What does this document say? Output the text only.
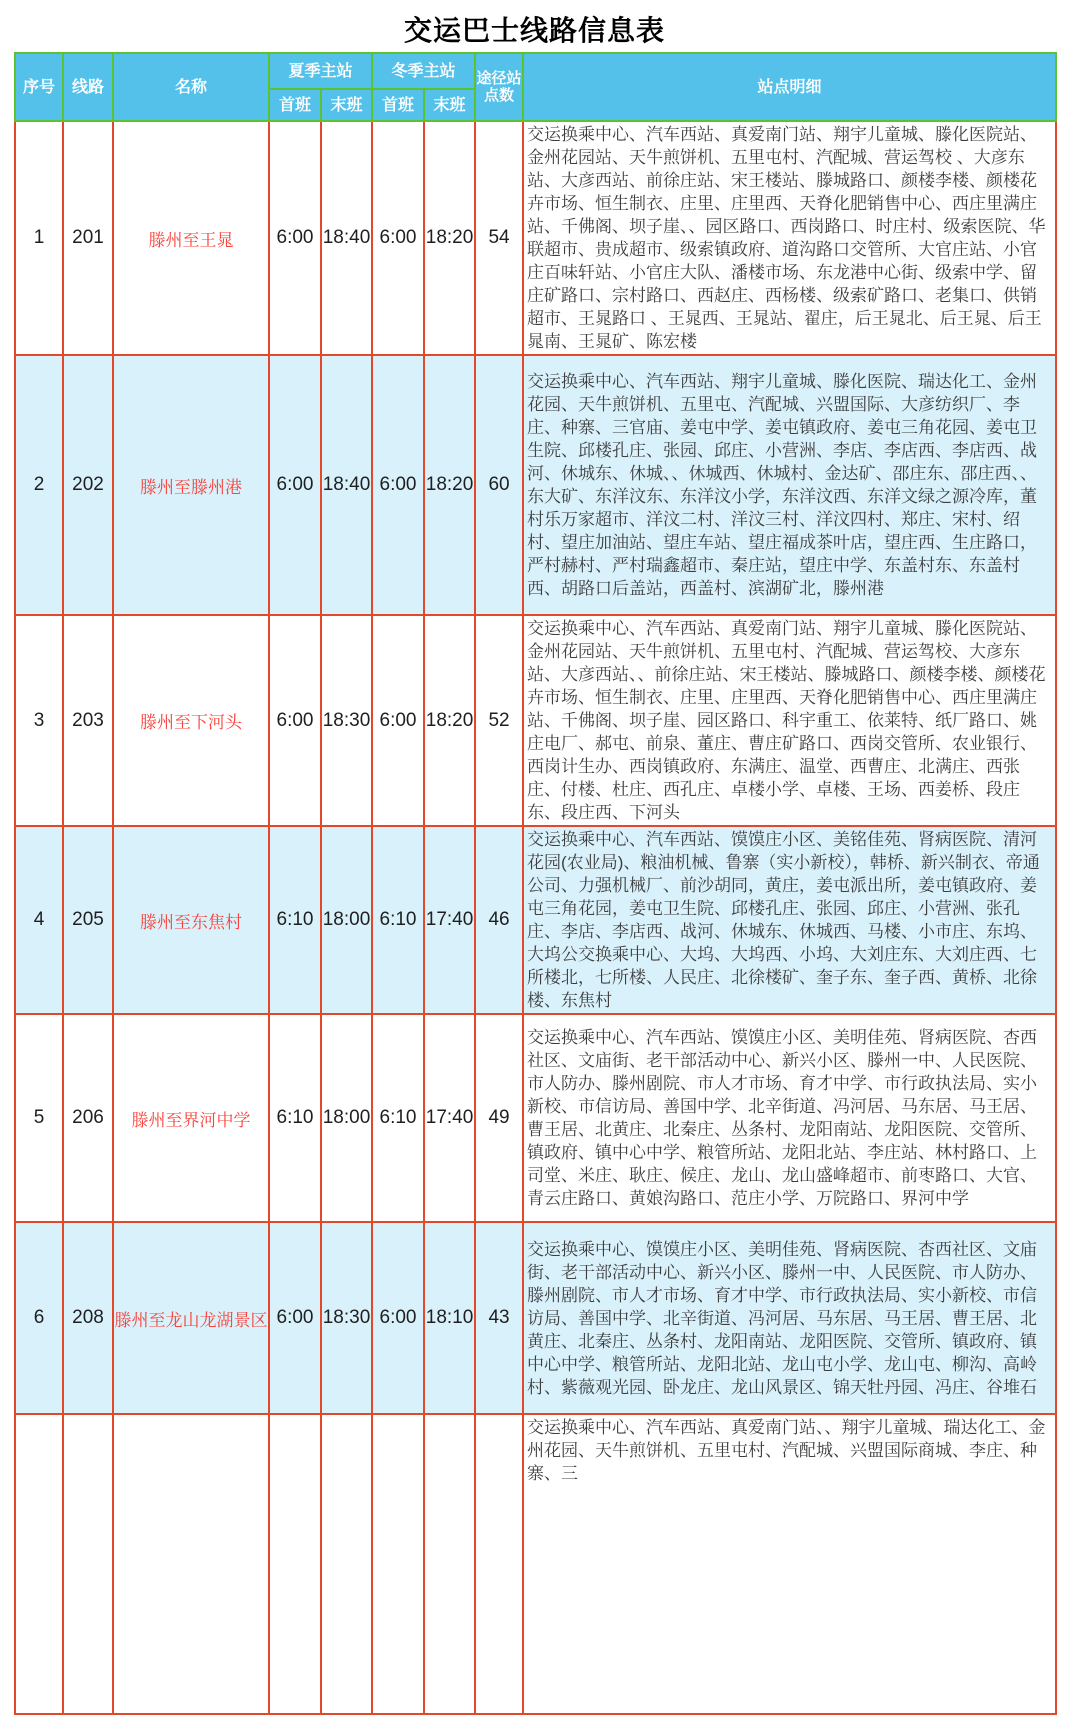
交运巴士线路信息表
序号	线路	名称	夏季主站		冬季主站		途径站点数	站点明细
			首班	末班	首班	末班		
1	201	滕州至王晁	6:00	18:40	6:00	18:20	54	交运换乘中心、汽车西站、真爱南门站、翔宇儿童城、滕化医院站、金州花园站、天牛煎饼机、五里屯村、汽配城、营运驾校 、大彦东站、大彦西站、前徐庄站、宋王楼站、滕城路口、颜楼李楼、颜楼花卉市场、恒生制衣、庄里、庄里西、天脊化肥销售中心、西庄里满庄站、千佛阁、坝子崖、、园区路口、西岗路口、时庄村、级索医院、华联超市、贵成超市、级索镇政府、道沟路口交管所、大官庄站、小官庄百味轩站、小官庄大队、潘楼市场、东龙港中心街、级索中学、留庄矿路口、宗村路口、西赵庄、西杨楼、级索矿路口、老集口、供销超市、王晁路口 、王晁西、王晁站、翟庄，后王晁北、后王晁、后王晁南、王晁矿、陈宏楼
2	202	滕州至滕州港	6:00	18:40	6:00	18:20	60	交运换乘中心、汽车西站、翔宇儿童城、滕化医院、瑞达化工、金州花园、天牛煎饼机、五里屯、汽配城、兴盟国际、大彦纺织厂、李庄、种寨、三官庙、姜屯中学、姜屯镇政府、姜屯三角花园、姜屯卫生院、邱楼孔庄、张园、邱庄、小营洲、李店、李店西、李店西、战河、休城东、休城、、休城西、休城村、金达矿、邵庄东、邵庄西、、东大矿、东洋汶东、东洋汶小学，东洋汶西、东洋文绿之源冷库，董村乐万家超市、洋汶二村、洋汶三村、洋汶四村、郑庄、宋村、绍村、望庄加油站、望庄车站、望庄福成茶叶店，望庄西、生庄路口，严村赫村、严村瑞鑫超市、秦庄站，望庄中学、东盖村东、东盖村西、胡路口后盖站，西盖村、滨湖矿北，滕州港
3	203	滕州至下河头	6:00	18:30	6:00	18:20	52	交运换乘中心、汽车西站、真爱南门站、翔宇儿童城、滕化医院站、金州花园站、天牛煎饼机、五里屯村、汽配城、营运驾校、大彦东站、大彦西站、、前徐庄站、宋王楼站、滕城路口、颜楼李楼、颜楼花卉市场、恒生制衣、庄里、庄里西、天脊化肥销售中心、西庄里满庄站、千佛阁、坝子崖、园区路口、科宇重工、依莱特、纸厂路口、姚庄电厂、郝屯、前泉、董庄、曹庄矿路口、西岗交管所、农业银行、西岗计生办、西岗镇政府、东满庄、温堂、西曹庄、北满庄、西张庄、付楼、杜庄、西孔庄、卓楼小学、卓楼、王场、西姜桥、段庄东、段庄西、下河头
4	205	滕州至东焦村	6:10	18:00	6:10	17:40	46	交运换乘中心、汽车西站、馍馍庄小区、美铭佳苑、肾病医院、清河花园(农业局)、粮油机械、鲁寨（实小新校），韩桥、新兴制衣、帝通公司、力强机械厂、前沙胡同，黄庄，姜屯派出所，姜屯镇政府、姜屯三角花园，姜屯卫生院、邱楼孔庄、张园、邱庄、小营洲、张孔庄、李店、李店西、战河、休城东、休城西、马楼、小市庄、东坞、大坞公交换乘中心、大坞、大坞西、小坞、大刘庄东、大刘庄西、七所楼北，七所楼、人民庄、北徐楼矿、奎子东、奎子西、黄桥、北徐楼、东焦村
5	206	滕州至界河中学	6:10	18:00	6:10	17:40	49	交运换乘中心、汽车西站、馍馍庄小区、美明佳苑、肾病医院、杏西社区、文庙街、老干部活动中心、新兴小区、滕州一中、人民医院、市人防办、滕州剧院、市人才市场、育才中学、市行政执法局、实小新校、市信访局、善国中学、北辛街道、冯河居、马东居、马王居、曹王居、北黄庄、北秦庄、丛条村、龙阳南站、龙阳医院、交管所、镇政府、镇中心中学、粮管所站、龙阳北站、李庄站、林村路口、上司堂、米庄、耿庄、候庄、龙山、龙山盛峰超市、前枣路口、大官、青云庄路口、黄娘沟路口、范庄小学、万院路口、界河中学
6	208	滕州至龙山龙湖景区	6:00	18:30	6:00	18:10	43	交运换乘中心、馍馍庄小区、美明佳苑、肾病医院、杏西社区、文庙街、老干部活动中心、新兴小区、滕州一中、人民医院、市人防办、滕州剧院、市人才市场、育才中学、市行政执法局、实小新校、市信访局、善国中学、北辛街道、冯河居、马东居、马王居、曹王居、北黄庄、北秦庄、丛条村、龙阳南站、龙阳医院、交管所、镇政府、镇中心中学、粮管所站、龙阳北站、龙山屯小学、龙山屯、柳沟、高岭村、紫薇观光园、卧龙庄、龙山风景区、锦天牡丹园、冯庄、谷堆石
								交运换乘中心、汽车西站、真爱南门站、、翔宇儿童城、瑞达化工、金州花园、天牛煎饼机、五里屯村、汽配城、兴盟国际商城、李庄、种寨、三
